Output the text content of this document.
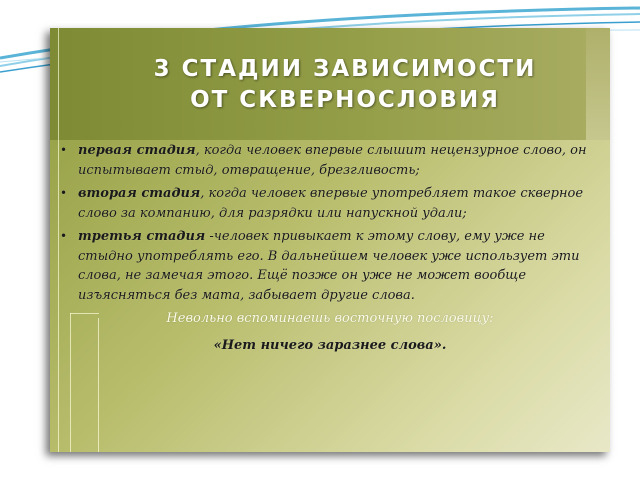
3 СТАДИИ ЗАВИСИМОСТИ
ОТ СКВЕРНОСЛОВИЯ
• первая стадия, когда человек впервые слышит нецензурное слово, он испытывает стыд, отвращение, брезгливость;
• вторая стадия, когда человек впервые употребляет такое скверное слово за компанию, для разрядки или напускной удали;
• третья стадия -человек привыкает к этому слову, ему уже не стыдно употреблять его. В дальнейшем человек уже использует эти слова, не замечая этого. Ещё позже он уже не может вообще изъясняться без мата, забывает другие слова.
Невольно вспоминаешь восточную пословицу:
«Нет ничего заразнее слова».
